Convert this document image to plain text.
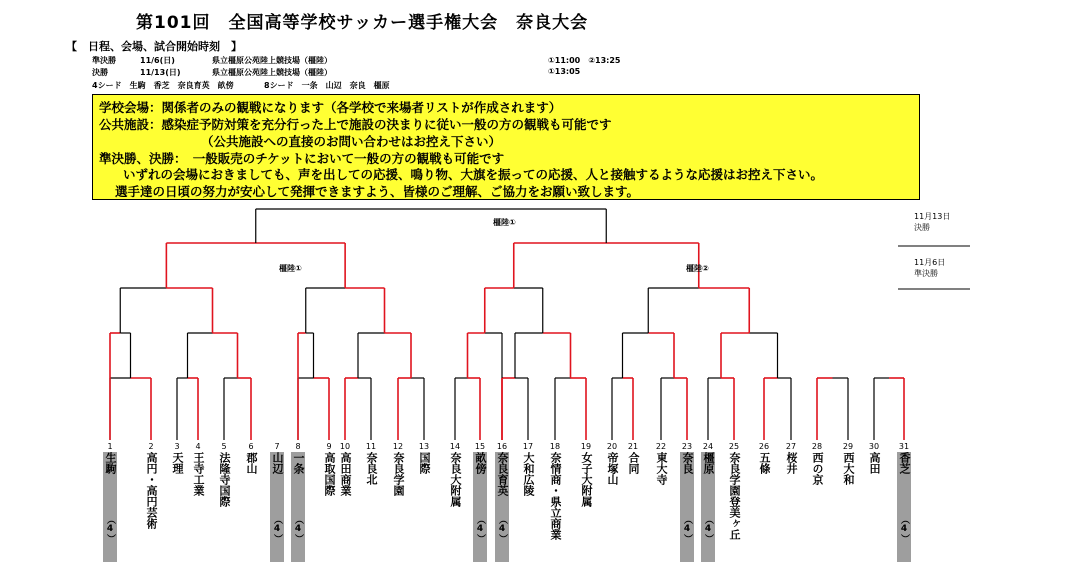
第101回　全国高等学校サッカー選手権大会　奈良大会
【　日程、会場、試合開始時刻　】
準決勝	11/6(日)	県立橿原公苑陸上競技場（橿陸）	①11:00　②13:25
決勝	11/13(日)	県立橿原公苑陸上競技場（橿陸）	①13:05
4シード　生駒　香芝　奈良育英　畝傍	8シード　一条　山辺　奈良　橿原
学校会場：関係者のみの観戦になります（各学校で来場者リストが作成されます）
公共施設：感染症予防対策を充分行った上で施設の決まりに従い一般の方の観戦も可能です
（公共施設への直接のお問い合わせはお控え下さい）
準決勝、決勝：　一般販売のチケットにおいて一般の方の観戦も可能です
いずれの会場におきましても、声を出しての応援、鳴り物、大旗を振っての応援、人と接触するような応援はお控え下さい。
選手達の日頃の努力が安心して発揮できますよう、皆様のご理解、ご協力をお願い致します。
橿陸①
橿陸①	橿陸②
11月13日
決勝
11月6日
準決勝
1
（4）
生駒
2
高円・高円芸術
3
天理
4
王寺工業
5
法隆寺国際
6
郡山
7
（4）
山辺
8
（4）
一条
9
高取国際
10
高田商業
11
奈良北
12
奈良学園
13
国際
14
奈良大附属
15
（4）
畝傍
16
（4）
奈良育英
17
大和広陵
18
奈情商・県立商業
19
女子大附属
20
帝塚山
21
合同
22
東大寺
23
（4）
奈良
24
（4）
橿原
25
奈良学園登美ヶ丘
26
五條
27
桜井
28
西の京
29
西大和
30
高田
31
（4）
香芝
